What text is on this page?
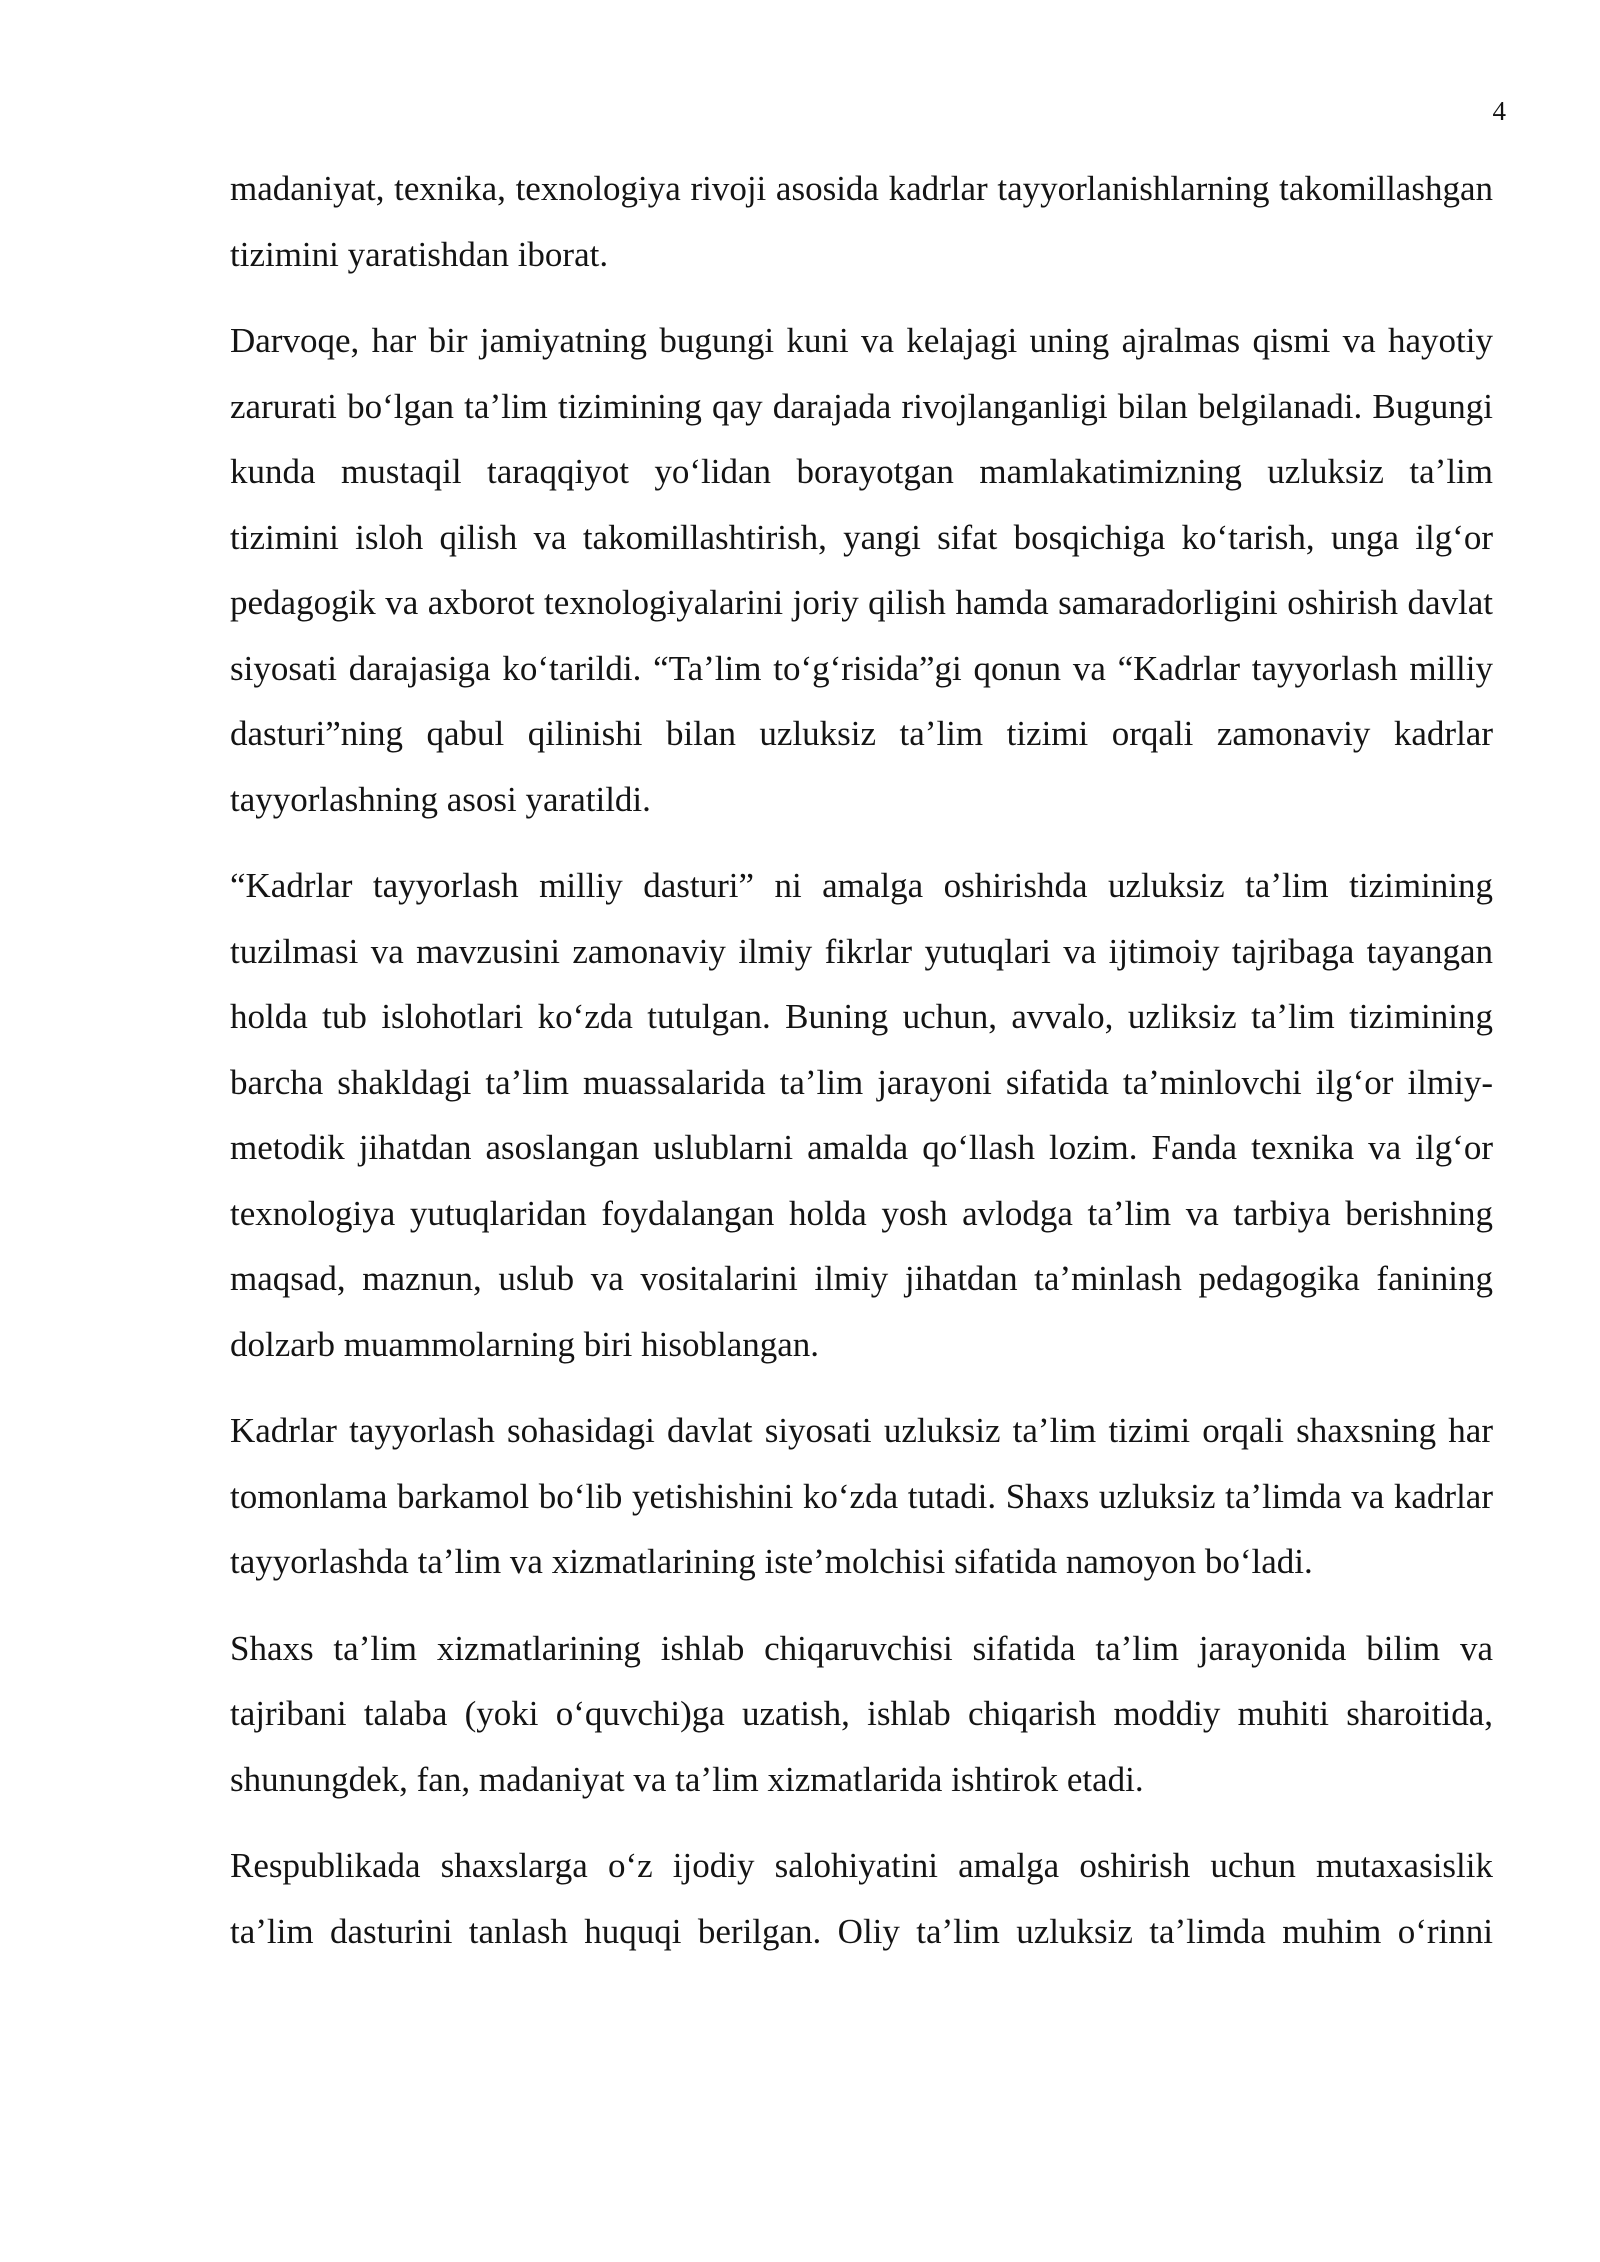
4

madaniyat, texnika, texnologiya rivoji asosida kadrlar tayyorlanishlarning takomillashgan tizimini yaratishdan iborat.

Darvoqe, har bir jamiyatning bugungi kuni va kelajagi uning ajralmas qismi va hayotiy zarurati boʻlgan taʼlim tizimining qay darajada rivojlanganligi bilan belgilanadi. Bugungi kunda mustaqil taraqqiyot yoʻlidan borayotgan mamlakatimizning uzluksiz taʼlim tizimini isloh qilish va takomillashtirish, yangi sifat bosqichiga koʻtarish, unga ilgʻor pedagogik va axborot texnologiyalarini joriy qilish hamda samaradorligini oshirish davlat siyosati darajasiga koʻtarildi. “Taʼlim toʻgʻrisida”gi qonun va “Kadrlar tayyorlash milliy dasturi”ning qabul qilinishi bilan uzluksiz taʼlim tizimi orqali zamonaviy kadrlar tayyorlashning asosi yaratildi.

“Kadrlar tayyorlash milliy dasturi” ni amalga oshirishda uzluksiz taʼlim tizimining tuzilmasi va mavzusini zamonaviy ilmiy fikrlar yutuqlari va ijtimoiy tajribaga tayangan holda tub islohotlari koʻzda tutulgan. Buning uchun, avvalo, uzliksiz taʼlim tizimining barcha shakldagi taʼlim muassalarida taʼlim jarayoni sifatida taʼminlovchi ilgʻor ilmiy-metodik jihatdan asoslangan uslublarni amalda qoʻllash lozim. Fanda texnika va ilgʻor texnologiya yutuqlaridan foydalangan holda yosh avlodga taʼlim va tarbiya berishning maqsad, maznun, uslub va vositalarini ilmiy jihatdan taʼminlash pedagogika fanining dolzarb muammolarning biri hisoblangan.

Kadrlar tayyorlash sohasidagi davlat siyosati uzluksiz taʼlim tizimi orqali shaxsning har tomonlama barkamol boʻlib yetishishini koʻzda tutadi. Shaxs uzluksiz taʼlimda va kadrlar tayyorlashda taʼlim va xizmatlarining isteʼmolchisi sifatida namoyon boʻladi.

Shaxs taʼlim xizmatlarining ishlab chiqaruvchisi sifatida taʼlim jarayonida bilim va tajribani talaba (yoki oʻquvchi)ga uzatish, ishlab chiqarish moddiy muhiti sharoitida, shunungdek, fan, madaniyat va taʼlim xizmatlarida ishtirok etadi.

Respublikada shaxslarga oʻz ijodiy salohiyatini amalga oshirish uchun mutaxasislik taʼlim dasturini tanlash huquqi berilgan. Oliy taʼlim uzluksiz taʼlimda muhim oʻrinni
